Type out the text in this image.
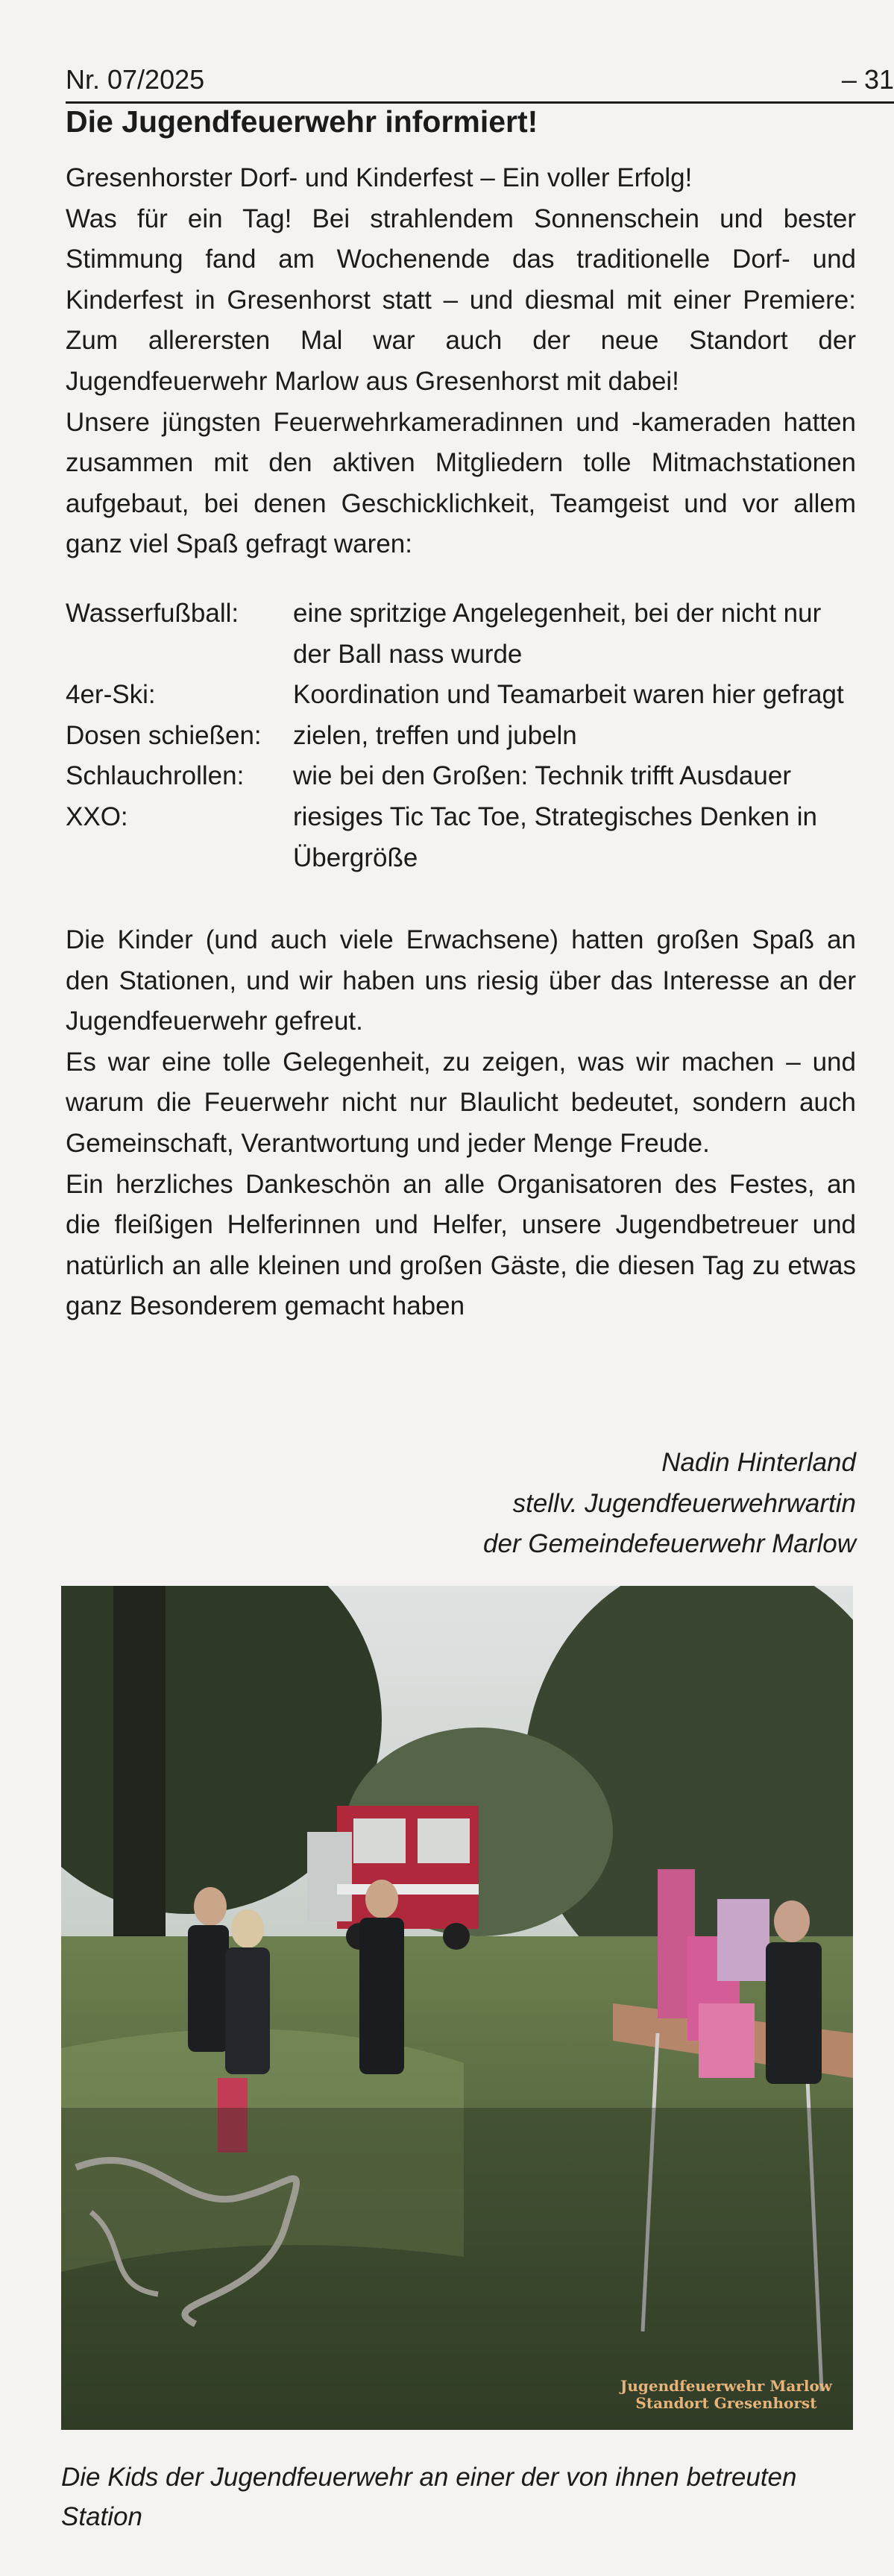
Nr. 07/2025	– 31
Die Jugendfeuerwehr informiert!

Gresenhorster Dorf- und Kinderfest – Ein voller Erfolg!

Was für ein Tag! Bei strahlendem Sonnenschein und bester Stimmung fand am Wochenende das traditionelle Dorf- und Kinderfest in Gresenhorst statt – und diesmal mit einer Premiere: Zum allerersten Mal war auch der neue Standort der Jugendfeuerwehr Marlow aus Gresenhorst mit dabei!

Unsere jüngsten Feuerwehrkameradinnen und -kameraden hatten zusammen mit den aktiven Mitgliedern tolle Mitmachstationen aufgebaut, bei denen Geschicklichkeit, Teamgeist und vor allem ganz viel Spaß gefragt waren:

Wasserfußball:	eine spritzige Angelegenheit, bei der nicht nur der Ball nass wurde
4er-Ski:	Koordination und Teamarbeit waren hier gefragt
Dosen schießen:	zielen, treffen und jubeln
Schlauchrollen:	wie bei den Großen: Technik trifft Ausdauer
XXO:	riesiges Tic Tac Toe, Strategisches Denken in Übergröße

Die Kinder (und auch viele Erwachsene) hatten großen Spaß an den Stationen, und wir haben uns riesig über das Interesse an der Jugendfeuerwehr gefreut.

Es war eine tolle Gelegenheit, zu zeigen, was wir machen – und warum die Feuerwehr nicht nur Blaulicht bedeutet, sondern auch Gemeinschaft, Verantwortung und jeder Menge Freude.

Ein herzliches Dankeschön an alle Organisatoren des Festes, an die fleißigen Helferinnen und Helfer, unsere Jugendbetreuer und natürlich an alle kleinen und großen Gäste, die diesen Tag zu etwas ganz Besonderem gemacht haben

Nadin Hinterland
stellv. Jugendfeuerwehrwartin
der Gemeindefeuerwehr Marlow
Jugendfeuerwehr Marlow
Standort Gresenhorst
Die Kids der Jugendfeuerwehr an einer der von ihnen betreuten Station
